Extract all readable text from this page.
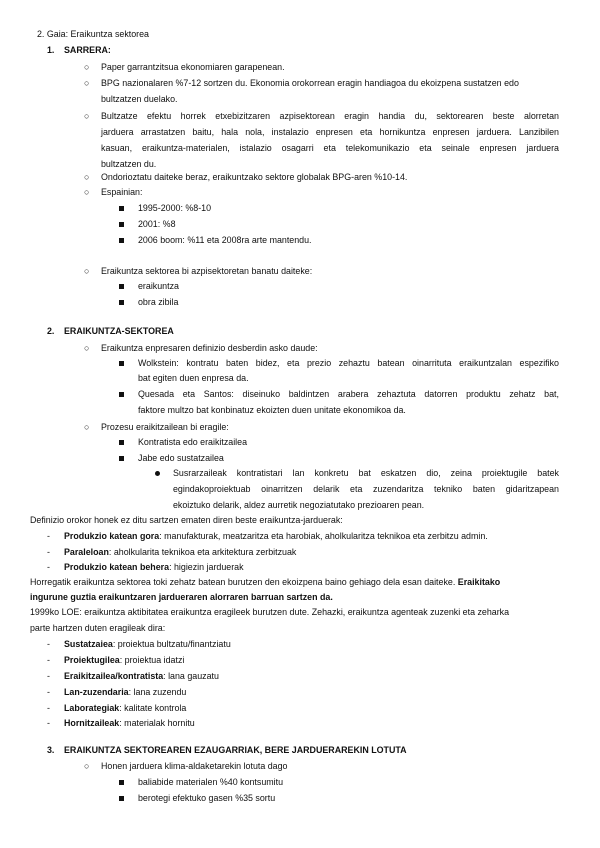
2. Gaia: Eraikuntza sektorea
1. SARRERA:
○ Paper garrantzitsua ekonomiaren garapenean.
○ BPG nazionalaren %7-12 sortzen du. Ekonomia orokorrean eragin handiagoa du ekoizpena sustatzen edo
bultzatzen duelako.
○ Bultzatze efektu horrek etxebizitzaren azpisektorean eragin handia du, sektorearen beste alorretan
jarduera arrastatzen baitu, hala nola, instalazio enpresen eta hornikuntza enpresen jarduera. Lanzibilen
kasuan, eraikuntza-materialen, istalazio osagarri eta telekomunikazio eta seinale enpresen jarduera
bultzatzen du.
○ Ondorioztatu daiteke beraz, eraikuntzako sektore globalak BPG-aren %10-14.
○ Espainian:
1995-2000: %8-10
2001: %8
2006 boom: %11 eta 2008ra arte mantendu.
○ Eraikuntza sektorea bi azpisektoretan banatu daiteke:
eraikuntza
obra zibila
2. ERAIKUNTZA-SEKTOREA
○ Eraikuntza enpresaren definizio desberdin asko daude:
Wolkstein: kontratu baten bidez, eta prezio zehaztu batean oinarrituta eraikuntzalan espezifiko
bat egiten duen enpresa da.
Quesada eta Santos: diseinuko baldintzen arabera zehaztuta datorren produktu zehatz bat,
faktore multzo bat konbinatuz ekoizten duen unitate ekonomikoa da.
○ Prozesu eraikitzailean bi eragile:
Kontratista edo eraikitzailea
Jabe edo sustatzailea
Susrarzaileak kontratistari lan konkretu bat eskatzen dio, zeina proiektugile batek
egindakoproiektuab oinarritzen delarik eta zuzendaritza tekniko baten gidaritzapean
ekoiztuko delarik, aldez aurretik negoziatutako prezioaren pean.
Definizio orokor honek ez ditu sartzen ematen diren beste eraikuntza-jarduerak:
- Produkzio katean gora: manufakturak, meatzaritza eta harobiak, aholkularitza teknikoa eta zerbitzu admin.
- Paraleloan: aholkularita teknikoa eta arkitektura zerbitzuak
- Produkzio katean behera: higiezin jarduerak
Horregatik eraikuntza sektorea toki zehatz batean burutzen den ekoizpena baino gehiago dela esan daiteke. Eraikitako
ingurune guztia eraikuntzaren jardueraren alorraren barruan sartzen da.
1999ko LOE: eraikuntza aktibitatea eraikuntza eragileek burutzen dute. Zehazki, eraikuntza agenteak zuzenki eta zeharka
parte hartzen duten eragileak dira:
- Sustatzaiea: proiektua bultzatu/finantziatu
- Proiektugilea: proiektua idatzi
- Eraikitzailea/kontratista: lana gauzatu
- Lan-zuzendaria: lana zuzendu
- Laborategiak: kalitate kontrola
- Hornitzaileak: materialak hornitu
3. ERAIKUNTZA SEKTOREAREN EZAUGARRIAK, BERE JARDUERAREKIN LOTUTA
○ Honen jarduera klima-aldaketarekin lotuta dago
baliabide materialen %40 kontsumitu
berotegi efektuko gasen %35 sortu
